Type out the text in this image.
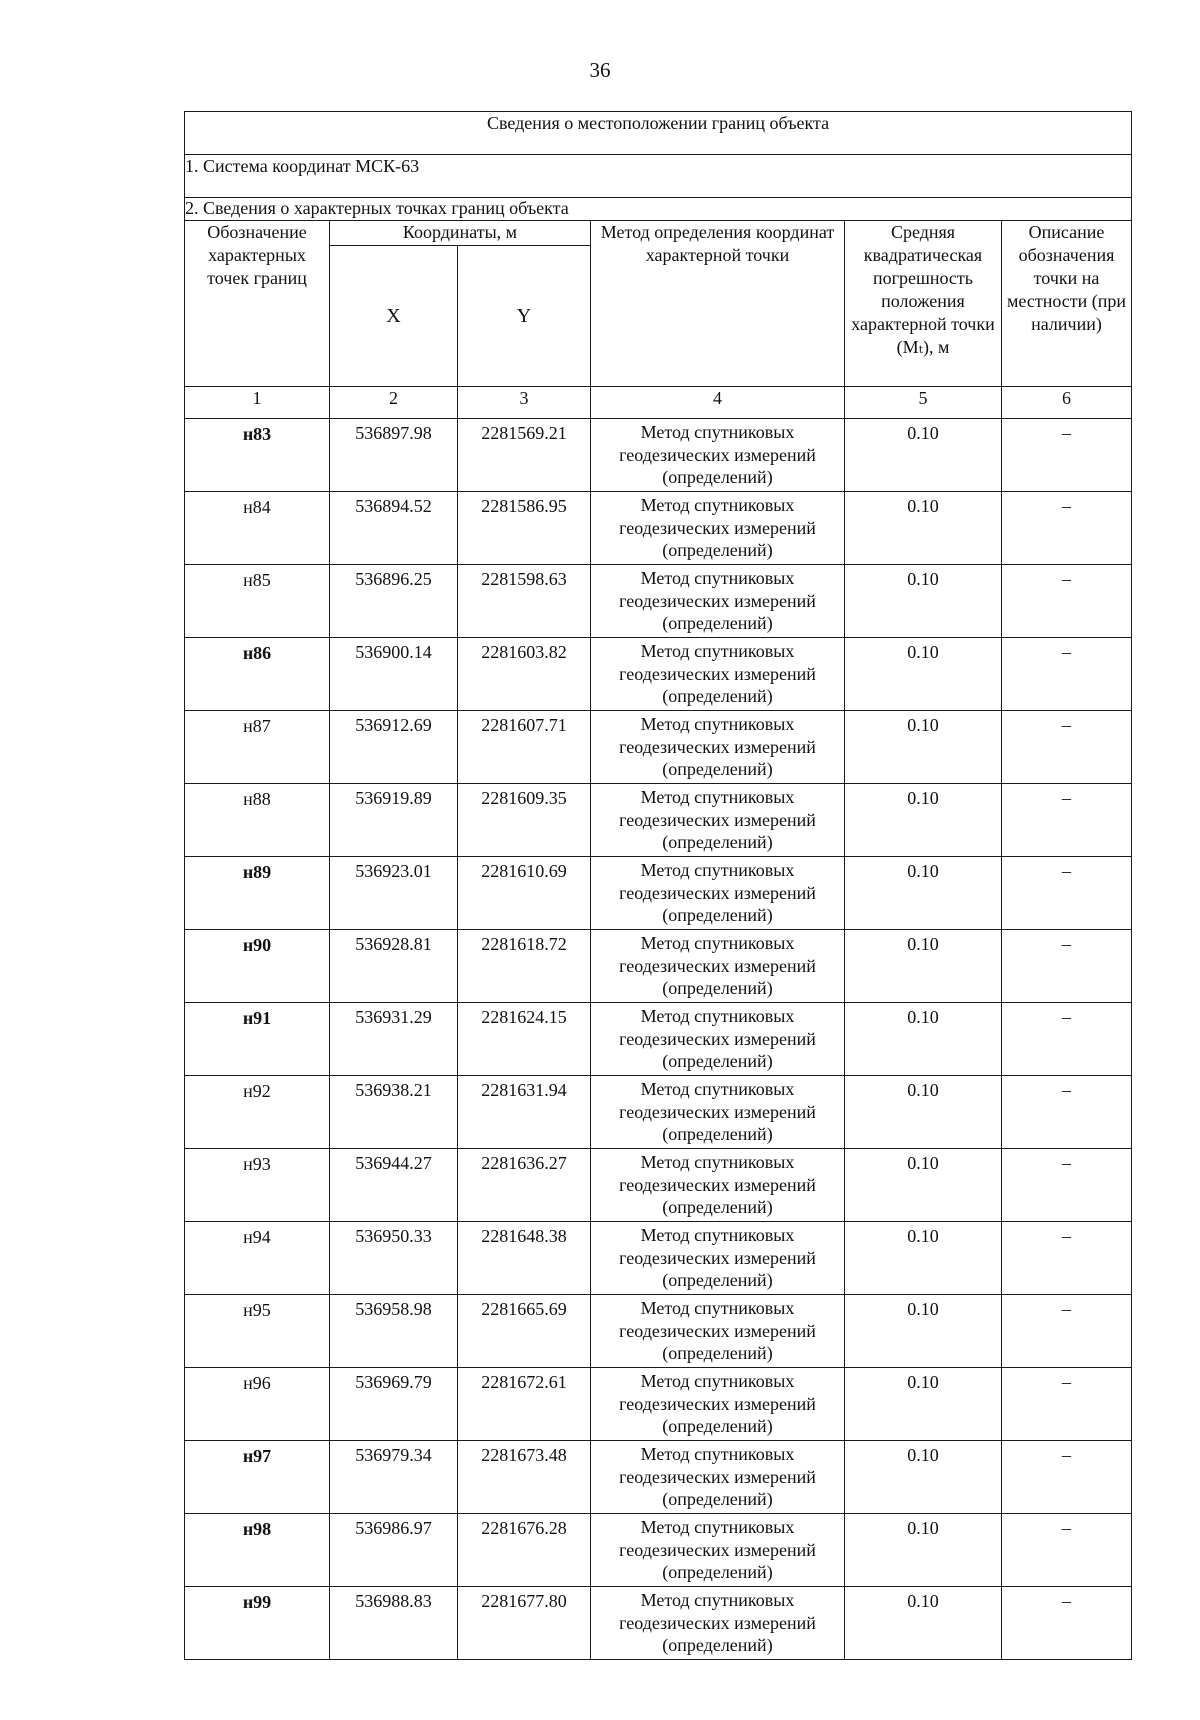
36
Сведения о местоположении границ объекта					
1. Система координат МСК-63					
2. Сведения о характерных точках границ объекта					
Обозначение характерных точек границ	Координаты, м		Метод определения координат характерной точки	Средняя квадратическая погрешность положения характерной точки (Mₜ), м	Описание обозначения точки на местности (при наличии)
	X	Y			
1	2	3	4	5	6
н83	536897.98	2281569.21	Метод спутниковых геодезических измерений (определений)	0.10	–
н84	536894.52	2281586.95	Метод спутниковых геодезических измерений (определений)	0.10	–
н85	536896.25	2281598.63	Метод спутниковых геодезических измерений (определений)	0.10	–
н86	536900.14	2281603.82	Метод спутниковых геодезических измерений (определений)	0.10	–
н87	536912.69	2281607.71	Метод спутниковых геодезических измерений (определений)	0.10	–
н88	536919.89	2281609.35	Метод спутниковых геодезических измерений (определений)	0.10	–
н89	536923.01	2281610.69	Метод спутниковых геодезических измерений (определений)	0.10	–
н90	536928.81	2281618.72	Метод спутниковых геодезических измерений (определений)	0.10	–
н91	536931.29	2281624.15	Метод спутниковых геодезических измерений (определений)	0.10	–
н92	536938.21	2281631.94	Метод спутниковых геодезических измерений (определений)	0.10	–
н93	536944.27	2281636.27	Метод спутниковых геодезических измерений (определений)	0.10	–
н94	536950.33	2281648.38	Метод спутниковых геодезических измерений (определений)	0.10	–
н95	536958.98	2281665.69	Метод спутниковых геодезических измерений (определений)	0.10	–
н96	536969.79	2281672.61	Метод спутниковых геодезических измерений (определений)	0.10	–
н97	536979.34	2281673.48	Метод спутниковых геодезических измерений (определений)	0.10	–
н98	536986.97	2281676.28	Метод спутниковых геодезических измерений (определений)	0.10	–
н99	536988.83	2281677.80	Метод спутниковых геодезических измерений (определений)	0.10	–
